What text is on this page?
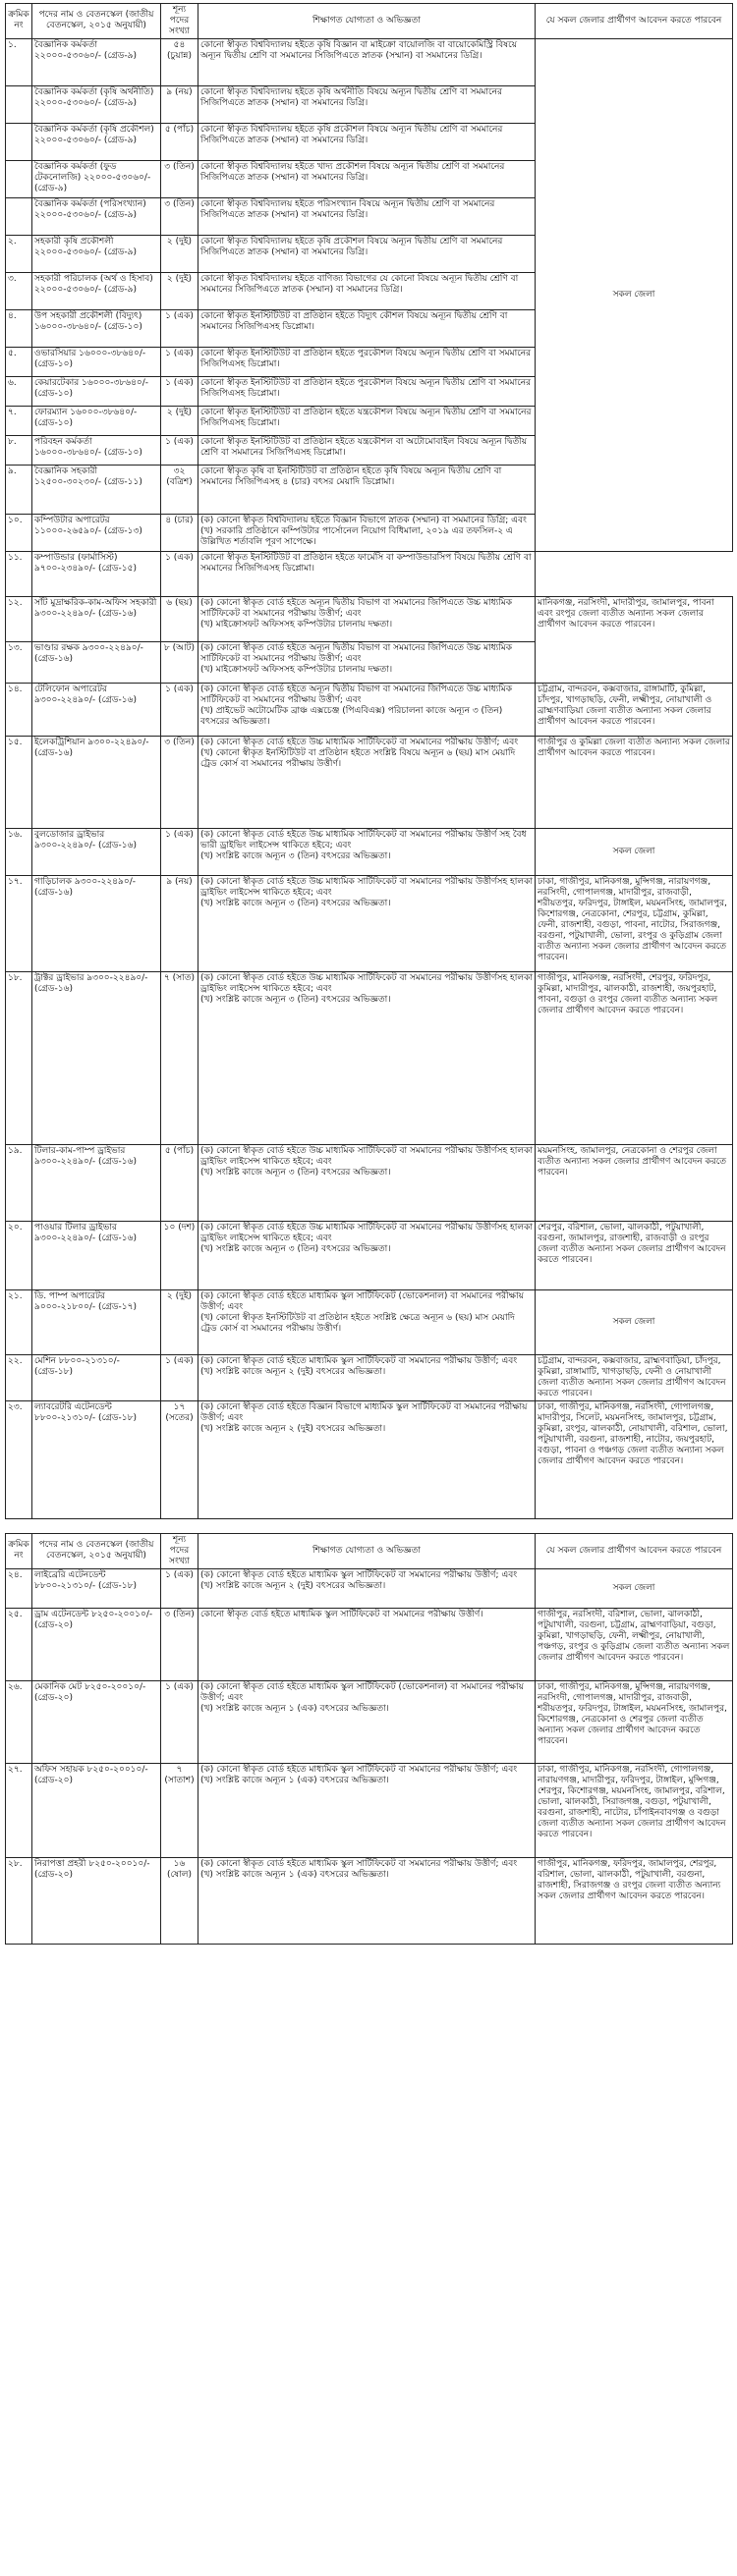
ক্রমিক নং	পদের নাম ও বেতনস্কেল (জাতীয় বেতনস্কেল, ২০১৫ অনুযায়ী)	শূন্য পদের সংখ্যা	শিক্ষাগত যোগ্যতা ও অভিজ্ঞতা	যে সকল জেলার প্রার্থীগণ আবেদন করতে পারবেন
১.	বৈজ্ঞানিক কর্মকর্তা ২২০০০-৫৩০৬০/- (গ্রেড-৯)	৫৪ (চুয়ান্ন)	কোনো স্বীকৃত বিশ্ববিদ্যালয় হইতে কৃষি বিজ্ঞান বা মাইক্রো বায়োলজি বা বায়োকেমিস্ট্রি বিষয়ে অন্যূন দ্বিতীয় শ্রেণি বা সমমানের সিজিপিএতে স্নাতক (সম্মান) বা সমমানের ডিগ্রি।	সকল জেলা
	বৈজ্ঞানিক কর্মকর্তা (কৃষি অর্থনীতি) ২২০০০-৫৩০৬০/- (গ্রেড-৯)	৯ (নয়)	কোনো স্বীকৃত বিশ্ববিদ্যালয় হইতে কৃষি অর্থনীতি বিষয়ে অন্যূন দ্বিতীয় শ্রেণি বা সমমানের সিজিপিএতে স্নাতক (সম্মান) বা সমমানের ডিগ্রি।	
	বৈজ্ঞানিক কর্মকর্তা (কৃষি প্রকৌশল) ২২০০০-৫৩০৬০/- (গ্রেড-৯)	৫ (পাঁচ)	কোনো স্বীকৃত বিশ্ববিদ্যালয় হইতে কৃষি প্রকৌশল বিষয়ে অন্যূন দ্বিতীয় শ্রেণি বা সমমানের সিজিপিএতে স্নাতক (সম্মান) বা সমমানের ডিগ্রি।	
	বৈজ্ঞানিক কর্মকর্তা (ফুড টেকনোলজি) ২২০০০-৫৩০৬০/- (গ্রেড-৯)	৩ (তিন)	কোনো স্বীকৃত বিশ্ববিদ্যালয় হইতে খাদ্য প্রকৌশল বিষয়ে অন্যূন দ্বিতীয় শ্রেণি বা সমমানের সিজিপিএতে স্নাতক (সম্মান) বা সমমানের ডিগ্রি।	
	বৈজ্ঞানিক কর্মকর্তা (পরিসংখ্যান) ২২০০০-৫৩০৬০/- (গ্রেড-৯)	৩ (তিন)	কোনো স্বীকৃত বিশ্ববিদ্যালয় হইতে পরিসংখ্যান বিষয়ে অন্যূন দ্বিতীয় শ্রেণি বা সমমানের সিজিপিএতে স্নাতক (সম্মান) বা সমমানের ডিগ্রি।	
২.	সহকারী কৃষি প্রকৌশলী ২২০০০-৫৩০৬০/- (গ্রেড-৯)	২ (দুই)	কোনো স্বীকৃত বিশ্ববিদ্যালয় হইতে কৃষি প্রকৌশল বিষয়ে অন্যূন দ্বিতীয় শ্রেণি বা সমমানের সিজিপিএতে স্নাতক (সম্মান) বা সমমানের ডিগ্রি।	
৩.	সহকারী পরিচালক (অর্থ ও হিসাব) ২২০০০-৫৩০৬০/- (গ্রেড-৯)	২ (দুই)	কোনো স্বীকৃত বিশ্ববিদ্যালয় হইতে বাণিজ্য বিভাগের যে কোনো বিষয়ে অন্যূন দ্বিতীয় শ্রেণি বা সমমানের সিজিপিএতে স্নাতক (সম্মান) বা সমমানের ডিগ্রি।	
৪.	উপ সহকারী প্রকৌশলী (বিদ্যুৎ) ১৬০০০-৩৮৬৪০/- (গ্রেড-১০)	১ (এক)	কোনো স্বীকৃত ইনস্টিটিউট বা প্রতিষ্ঠান হইতে বিদ্যুৎ কৌশল বিষয়ে অন্যূন দ্বিতীয় শ্রেণি বা সমমানের সিজিপিএসহ ডিপ্লোমা।	
৫.	ওভারসিয়ার ১৬০০০-৩৮৬৪০/- (গ্রেড-১০)	১ (এক)	কোনো স্বীকৃত ইনস্টিটিউট বা প্রতিষ্ঠান হইতে পুরকৌশল বিষয়ে অন্যূন দ্বিতীয় শ্রেণি বা সমমানের সিজিপিএসহ ডিপ্লোমা।	
৬.	কেয়ারটেকার ১৬০০০-৩৮৬৪০/- (গ্রেড-১০)	১ (এক)	কোনো স্বীকৃত ইনস্টিটিউট বা প্রতিষ্ঠান হইতে পুরকৌশল বিষয়ে অন্যূন দ্বিতীয় শ্রেণি বা সমমানের সিজিপিএসহ ডিপ্লোমা।	
৭.	ফোরম্যান ১৬০০০-৩৮৬৪০/- (গ্রেড-১০)	২ (দুই)	কোনো স্বীকৃত ইনস্টিটিউট বা প্রতিষ্ঠান হইতে যন্ত্রকৌশল বিষয়ে অন্যূন দ্বিতীয় শ্রেণি বা সমমানের সিজিপিএসহ ডিপ্লোমা।	
৮.	পরিবহন কর্মকর্তা ১৬০০০-৩৮৬৪০/- (গ্রেড-১০)	১ (এক)	কোনো স্বীকৃত ইনস্টিটিউট বা প্রতিষ্ঠান হইতে যন্ত্রকৌশল বা অটোমোবাইল বিষয়ে অন্যূন দ্বিতীয় শ্রেণি বা সমমানের সিজিপিএসহ ডিপ্লোমা।	
৯.	বৈজ্ঞানিক সহকারী ১২৫০০-৩০২৩০/- (গ্রেড-১১)	৩২ (বত্রিশ)	কোনো স্বীকৃত কৃষি বা ইনস্টিটিউট বা প্রতিষ্ঠান হইতে কৃষি বিষয়ে অন্যূন দ্বিতীয় শ্রেণি বা সমমানের সিজিপিএসহ ৪ (চার) বৎসর মেয়াদি ডিপ্লোমা।	
১০.	কম্পিউটার অপারেটর ১১০০০-২৬৫৯০/- (গ্রেড-১৩)	৪ (চার)	(ক) কোনো স্বীকৃত বিশ্ববিদ্যালয় হইতে বিজ্ঞান বিভাগে স্নাতক (সম্মান) বা সমমানের ডিগ্রি; এবং
(খ) সরকারি প্রতিষ্ঠানে কম্পিউটার পার্সোনেল নিয়োগ বিধিমালা, ২০১৯ এর তফসিল-২ এ উল্লিখিত শর্তাবলি পূরণ সাপেক্ষে।	
১১.	কম্পাউন্ডার (ফার্মাসিস্ট) ৯৭০০-২৩৪৯০/- (গ্রেড-১৫)	১ (এক)	কোনো স্বীকৃত ইনস্টিটিউট বা প্রতিষ্ঠান হইতে ফার্মেসি বা কম্পাউন্ডারসিপ বিষয়ে দ্বিতীয় শ্রেণি বা সমমানের সিজিপিএসহ ডিপ্লোমা।	
১২.	সাঁট মুদ্রাক্ষরিক-কাম-অফিস সহকারী ৯৩০০-২২৪৯০/- (গ্রেড-১৬)	৬ (ছয়)	(ক) কোনো স্বীকৃত বোর্ড হইতে অন্যূন দ্বিতীয় বিভাগ বা সমমানের জিপিএতে উচ্চ মাধ্যমিক সার্টিফিকেট বা সমমানের পরীক্ষায় উত্তীর্ণ; এবং
(খ) মাইক্রোসফট অফিসসহ কম্পিউটার চালনায় দক্ষতা।	মানিকগঞ্জ, নরসিংদী, মাদারীপুর, জামালপুর, পাবনা এবং রংপুর জেলা ব্যতীত অন্যান্য সকল জেলার প্রার্থীগণ আবেদন করতে পারবেন।
১৩.	ভাণ্ডার রক্ষক ৯৩০০-২২৪৯০/- (গ্রেড-১৬)	৮ (আট)	(ক) কোনো স্বীকৃত বোর্ড হইতে অন্যূন দ্বিতীয় বিভাগ বা সমমানের জিপিএতে উচ্চ মাধ্যমিক সার্টিফিকেট বা সমমানের পরীক্ষায় উত্তীর্ণ; এবং
(খ) মাইক্রোসফট অফিসসহ কম্পিউটার চালনায় দক্ষতা।	
১৪.	টেলিফোন অপারেটর ৯৩০০-২২৪৯০/- (গ্রেড-১৬)	১ (এক)	(ক) কোনো স্বীকৃত বোর্ড হইতে অন্যূন দ্বিতীয় বিভাগ বা সমমানের জিপিএতে উচ্চ মাধ্যমিক সার্টিফিকেট বা সমমানের পরীক্ষায় উত্তীর্ণ; এবং
(খ) প্রাইভেট অটোমেটিক ব্রাঞ্চ এক্সচেঞ্জ (পিএবিএক্স) পরিচালনা কাজে অন্যূন ৩ (তিন) বৎসরের অভিজ্ঞতা।	চট্টগ্রাম, বান্দরবন, কক্সবাজার, রাঙ্গামাটি, কুমিল্লা, চাঁদপুর, খাগড়াছড়ি, ফেনী, লক্ষ্মীপুর, নোয়াখালী ও ব্রাহ্মণবাড়িয়া জেলা ব্যতীত অন্যান্য সকল জেলার প্রার্থীগণ আবেদন করতে পারবেন।
১৫.	ইলেকট্রিশিয়ান ৯৩০০-২২৪৯০/- (গ্রেড-১৬)	৩ (তিন)	(ক) কোনো স্বীকৃত বোর্ড হইতে উচ্চ মাধ্যমিক সার্টিফিকেট বা সমমানের পরীক্ষায় উত্তীর্ণ; এবং
(খ) কোনো স্বীকৃত ইনস্টিটিউট বা প্রতিষ্ঠান হইতে সংশ্লিষ্ট বিষয়ে অন্যূন ৬ (ছয়) মাস মেয়াদি ট্রেড কোর্স বা সমমানের পরীক্ষায় উত্তীর্ণ।	গাজীপুর ও কুমিল্লা জেলা ব্যতীত অন্যান্য সকল জেলার প্রার্থীগণ আবেদন করতে পারবেন।
১৬.	বুলডোজার ড্রাইভার ৯৩০০-২২৪৯০/- (গ্রেড-১৬)	১ (এক)	(ক) কোনো স্বীকৃত বোর্ড হইতে উচ্চ মাধ্যমিক সার্টিফিকেট বা সমমানের পরীক্ষায় উত্তীর্ণ সহ বৈধ ভারী ড্রাইভিং লাইসেন্স থাকিতে হইবে; এবং
(খ) সংশ্লিষ্ট কাজে অন্যূন ৩ (তিন) বৎসরের অভিজ্ঞতা।	সকল জেলা
১৭.	গাড়িচালক ৯৩০০-২২৪৯০/- (গ্রেড-১৬)	৯ (নয়)	(ক) কোনো স্বীকৃত বোর্ড হইতে উচ্চ মাধ্যমিক সার্টিফিকেট বা সমমানের পরীক্ষায় উত্তীর্ণসহ হালকা ড্রাইভিং লাইসেন্স থাকিতে হইবে; এবং
(খ) সংশ্লিষ্ট কাজে অন্যূন ৩ (তিন) বৎসরের অভিজ্ঞতা।	ঢাকা, গাজীপুর, মানিকগঞ্জ, মুন্সিগঞ্জ, নারায়ণগঞ্জ, নরসিংদী, গোপালগঞ্জ, মাদারীপুর, রাজবাড়ী, শরীয়তপুর, ফরিদপুর, টাঙ্গাইল, ময়মনসিংহ, জামালপুর, কিশোরগঞ্জ, নেত্রকোনা, শেরপুর, চট্টগ্রাম, কুমিল্লা, ফেনী, রাজশাহী, বগুড়া, পাবনা, নাটোর, সিরাজগঞ্জ, বরগুনা, পটুয়াখালী, ভোলা, রংপুর ও কুড়িগ্রাম জেলা ব্যতীত অন্যান্য সকল জেলার প্রার্থীগণ আবেদন করতে পারবেন।
১৮.	ট্রাক্টর ড্রাইভার ৯৩০০-২২৪৯০/- (গ্রেড-১৬)	৭ (সাত)	(ক) কোনো স্বীকৃত বোর্ড হইতে উচ্চ মাধ্যমিক সার্টিফিকেট বা সমমানের পরীক্ষায় উত্তীর্ণসহ হালকা ড্রাইভিং লাইসেন্স থাকিতে হইবে; এবং
(খ) সংশ্লিষ্ট কাজে অন্যূন ৩ (তিন) বৎসরের অভিজ্ঞতা।	গাজীপুর, মানিকগঞ্জ, নরসিংদী, শেরপুর, ফরিদপুর, কুমিল্লা, মাদারীপুর, ঝালকাঠী, রাজশাহী, জয়পুরহাট, পাবনা, বগুড়া ও রংপুর জেলা ব্যতীত অন্যান্য সকল জেলার প্রার্থীগণ আবেদন করতে পারবেন।
১৯.	টিলার-কাম-পাম্প ড্রাইভার ৯৩০০-২২৪৯০/- (গ্রেড-১৬)	৫ (পাঁচ)	(ক) কোনো স্বীকৃত বোর্ড হইতে উচ্চ মাধ্যমিক সার্টিফিকেট বা সমমানের পরীক্ষায় উত্তীর্ণসহ হালকা ড্রাইভিং লাইসেন্স থাকিতে হইবে; এবং
(খ) সংশ্লিষ্ট কাজে অন্যূন ৩ (তিন) বৎসরের অভিজ্ঞতা।	ময়মনসিংহ, জামালপুর, নেত্রকোনা ও শেরপুর জেলা ব্যতীত অন্যান্য সকল জেলার প্রার্থীগণ আবেদন করতে পারবেন।
২০.	পাওয়ার টিলার ড্রাইভার ৯৩০০-২২৪৯০/- (গ্রেড-১৬)	১০ (দশ)	(ক) কোনো স্বীকৃত বোর্ড হইতে উচ্চ মাধ্যমিক সার্টিফিকেট বা সমমানের পরীক্ষায় উত্তীর্ণসহ হালকা ড্রাইভিং লাইসেন্স থাকিতে হইবে; এবং
(খ) সংশ্লিষ্ট কাজে অন্যূন ৩ (তিন) বৎসরের অভিজ্ঞতা।	শেরপুর, বরিশাল, ভোলা, ঝালকাঠী, পটুয়াখালী, বরগুনা, জামালপুর, রাজশাহী, রাজবাড়ী ও রংপুর জেলা ব্যতীত অন্যান্য সকল জেলার প্রার্থীগণ আবেদন করতে পারবেন।
২১.	ডি. পাম্প অপারেটর ৯০০০-২১৮০০/- (গ্রেড-১৭)	২ (দুই)	(ক) কোনো স্বীকৃত বোর্ড হইতে মাধ্যমিক স্কুল সার্টিফিকেট (ভোকেশনাল) বা সমমানের পরীক্ষায় উত্তীর্ণ; এবং
(খ) কোনো স্বীকৃত ইনস্টিটিউট বা প্রতিষ্ঠান হইতে সংশ্লিষ্ট ক্ষেত্রে অন্যূন ৬ (ছয়) মাস মেয়াদি ট্রেড কোর্স বা সমমানের পরীক্ষায় উত্তীর্ণ।	সকল জেলা
২২.	মেশিন ৮৮০০-২১৩১০/- (গ্রেড-১৮)	১ (এক)	(ক) কোনো স্বীকৃত বোর্ড হইতে মাধ্যমিক স্কুল সার্টিফিকেট বা সমমানের পরীক্ষায় উত্তীর্ণ; এবং
(খ) সংশ্লিষ্ট কাজে অন্যূন ২ (দুই) বৎসরের অভিজ্ঞতা।	চট্টগ্রাম, বান্দরবন, কক্সবাজার, ব্রাহ্মণবাড়িয়া, চাঁদপুর, কুমিল্লা, রাঙ্গামাটি, খাগড়াছড়ি, ফেনী ও নোয়াখালী জেলা ব্যতীত অন্যান্য সকল জেলার প্রার্থীগণ আবেদন করতে পারবেন।
২৩.	ল্যাবরেটরি এটেনডেন্ট ৮৮০০-২১৩১০/- (গ্রেড-১৮)	১৭ (সতের)	(ক) কোনো স্বীকৃত বোর্ড হইতে বিজ্ঞান বিভাগে মাধ্যমিক স্কুল সার্টিফিকেট বা সমমানের পরীক্ষায় উত্তীর্ণ; এবং
(খ) সংশ্লিষ্ট কাজে অন্যূন ২ (দুই) বৎসরের অভিজ্ঞতা।	ঢাকা, গাজীপুর, মানিকগঞ্জ, নরসিংদী, গোপালগঞ্জ, মাদারীপুর, সিলেট, ময়মনসিংহ, জামালপুর, চট্টগ্রাম, কুমিল্লা, রংপুর, ঝালকাঠী, নোয়াখালী, বরিশাল, ভোলা, পটুয়াখালী, বরগুনা, রাজশাহী, নাটোর, জয়পুরহাট, বগুড়া, পাবনা ও পঞ্চগড় জেলা ব্যতীত অন্যান্য সকল জেলার প্রার্থীগণ আবেদন করতে পারবেন।
ক্রমিক নং	পদের নাম ও বেতনস্কেল (জাতীয় বেতনস্কেল, ২০১৫ অনুযায়ী)	শূন্য পদের সংখ্যা	শিক্ষাগত যোগ্যতা ও অভিজ্ঞতা	যে সকল জেলার প্রার্থীগণ আবেদন করতে পারবেন
২৪.	লাইব্রেরি এটেনডেন্ট ৮৮০০-২১৩১০/- (গ্রেড-১৮)	১ (এক)	(ক) কোনো স্বীকৃত বোর্ড হইতে মাধ্যমিক স্কুল সার্টিফিকেট বা সমমানের পরীক্ষায় উত্তীর্ণ; এবং
(খ) সংশ্লিষ্ট কাজে অন্যূন ২ (দুই) বৎসরের অভিজ্ঞতা।	সকল জেলা
২৫.	ড্রাম এটেনডেন্ট ৮২৫০-২০০১০/- (গ্রেড-২০)	৩ (তিন)	কোনো স্বীকৃত বোর্ড হইতে মাধ্যমিক স্কুল সার্টিফিকেট বা সমমানের পরীক্ষায় উত্তীর্ণ।	গাজীপুর, নরসিংদী, বরিশাল, ভোলা, ঝালকাঠী, পটুয়াখালী, বরগুনা, চট্টগ্রাম, ব্রাহ্মণবাড়িয়া, বগুড়া, কুমিল্লা, খাগড়াছড়ি, ফেনী, লক্ষ্মীপুর, নোয়াখালী, পঞ্চগড়, রংপুর ও কুড়িগ্রাম জেলা ব্যতীত অন্যান্য সকল জেলার প্রার্থীগণ আবেদন করতে পারবেন।
২৬.	মেকানিক মেট ৮২৫০-২০০১০/- (গ্রেড-২০)	১ (এক)	(ক) কোনো স্বীকৃত বোর্ড হইতে মাধ্যমিক স্কুল সার্টিফিকেট (ভোকেশনাল) বা সমমানের পরীক্ষায় উত্তীর্ণ; এবং
(খ) সংশ্লিষ্ট কাজে অন্যূন ১ (এক) বৎসরের অভিজ্ঞতা।	ঢাকা, গাজীপুর, মানিকগঞ্জ, মুন্সিগঞ্জ, নারায়ণগঞ্জ, নরসিংদী, গোপালগঞ্জ, মাদারীপুর, রাজবাড়ী, শরীয়তপুর, ফরিদপুর, টাঙ্গাইল, ময়মনসিংহ, জামালপুর, কিশোরগঞ্জ, নেত্রকোনা ও শেরপুর জেলা ব্যতীত অন্যান্য সকল জেলার প্রার্থীগণ আবেদন করতে পারবেন।
২৭.	অফিস সহায়ক ৮২৫০-২০০১০/- (গ্রেড-২০)	৭ (সাতাশ)	(ক) কোনো স্বীকৃত বোর্ড হইতে মাধ্যমিক স্কুল সার্টিফিকেট বা সমমানের পরীক্ষায় উত্তীর্ণ; এবং
(খ) সংশ্লিষ্ট কাজে অন্যূন ১ (এক) বৎসরের অভিজ্ঞতা।	ঢাকা, গাজীপুর, মানিকগঞ্জ, নরসিংদী, গোপালগঞ্জ, নারায়ণগঞ্জ, মাদারীপুর, ফরিদপুর, টাঙ্গাইল, মুন্সিগঞ্জ, শেরপুর, কিশোরগঞ্জ, ময়মনসিংহ, জামালপুর, বরিশাল, ভোলা, ঝালকাঠী, সিরাজগঞ্জ, বগুড়া, পটুয়াখালী, বরগুনা, রাজশাহী, নাটোর, চাঁপাইনবাবগঞ্জ ও বগুড়া জেলা ব্যতীত অন্যান্য সকল জেলার প্রার্থীগণ আবেদন করতে পারবেন।
২৮.	নিরাপত্তা প্রহরী ৮২৫০-২০০১০/- (গ্রেড-২০)	১৬ (ষোল)	(ক) কোনো স্বীকৃত বোর্ড হইতে মাধ্যমিক স্কুল সার্টিফিকেট বা সমমানের পরীক্ষায় উত্তীর্ণ; এবং
(খ) সংশ্লিষ্ট কাজে অন্যূন ১ (এক) বৎসরের অভিজ্ঞতা।	গাজীপুর, মানিকগঞ্জ, ফরিদপুর, জামালপুর, শেরপুর, বরিশাল, ভোলা, ঝালকাঠী, পটুয়াখালী, বরগুনা, রাজশাহী, সিরাজগঞ্জ ও রংপুর জেলা ব্যতীত অন্যান্য সকল জেলার প্রার্থীগণ আবেদন করতে পারবেন।
